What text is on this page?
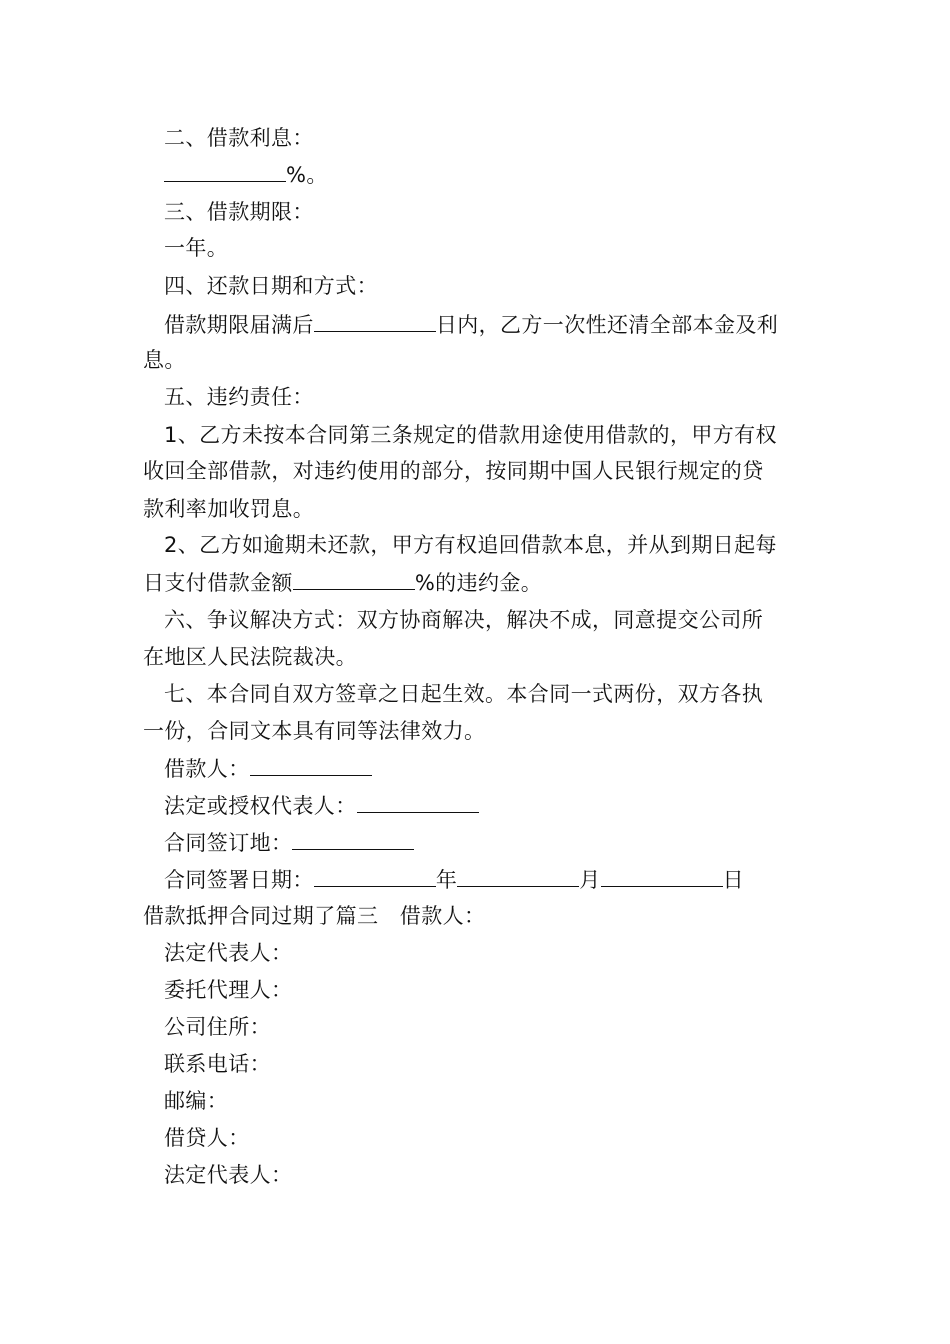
二、借款利息：
%。
三、借款期限：
一年。
四、还款日期和方式：
借款期限届满后	日内，乙方一次性还清全部本金及利
息。
五、违约责任：
1、乙方未按本合同第三条规定的借款用途使用借款的，甲方有权
收回全部借款，对违约使用的部分，按同期中国人民银行规定的贷
款利率加收罚息。
2、乙方如逾期未还款，甲方有权追回借款本息，并从到期日起每
日支付借款金额	%的违约金。
六、争议解决方式：双方协商解决，解决不成，同意提交公司所
在地区人民法院裁决。
七、本合同自双方签章之日起生效。本合同一式两份，双方各执
一份，合同文本具有同等法律效力。
借款人：
法定或授权代表人：
合同签订地：
合同签署日期：	年	月	日
借款抵押合同过期了篇三　借款人：
法定代表人：
委托代理人：
公司住所：
联系电话：
邮编：
借贷人：
法定代表人：
